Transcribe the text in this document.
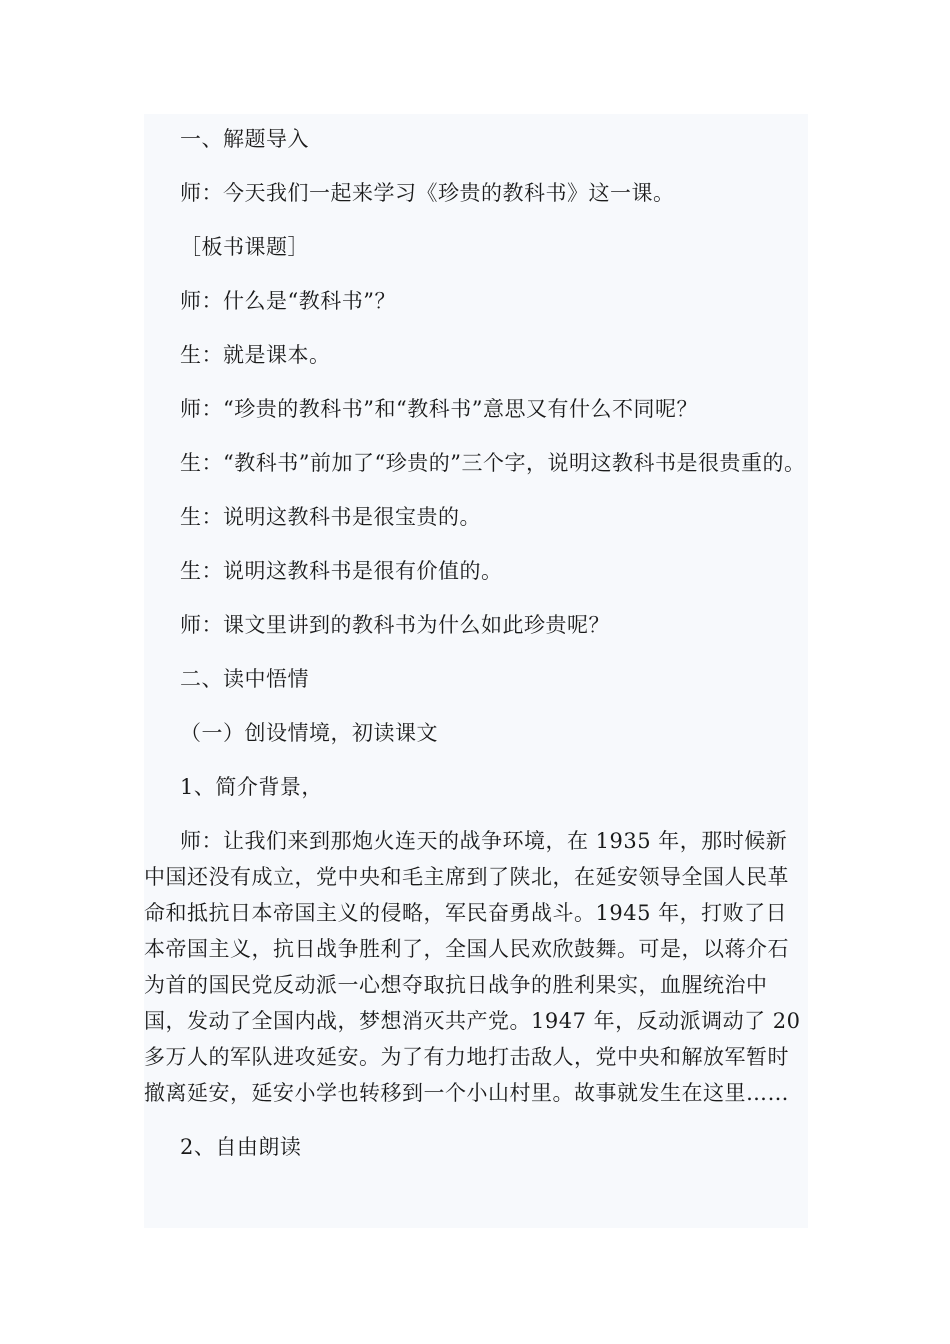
一、解题导入

师：今天我们一起来学习《珍贵的教科书》这一课。

［板书课题］

师：什么是“教科书”？

生：就是课本。

师：“珍贵的教科书”和“教科书”意思又有什么不同呢？

生：“教科书”前加了“珍贵的”三个字，说明这教科书是很贵重的。

生：说明这教科书是很宝贵的。

生：说明这教科书是很有价值的。

师：课文里讲到的教科书为什么如此珍贵呢？

二、读中悟情

（一）创设情境，初读课文

1、简介背景，

师：让我们来到那炮火连天的战争环境，在 1935 年，那时候新中国还没有成立，党中央和毛主席到了陕北，在延安领导全国人民革命和抵抗日本帝国主义的侵略，军民奋勇战斗。1945 年，打败了日本帝国主义，抗日战争胜利了，全国人民欢欣鼓舞。可是，以蒋介石为首的国民党反动派一心想夺取抗日战争的胜利果实，血腥统治中国，发动了全国内战，梦想消灭共产党。1947 年，反动派调动了 20 多万人的军队进攻延安。为了有力地打击敌人，党中央和解放军暂时撤离延安，延安小学也转移到一个小山村里。故事就发生在这里……

2、自由朗读
